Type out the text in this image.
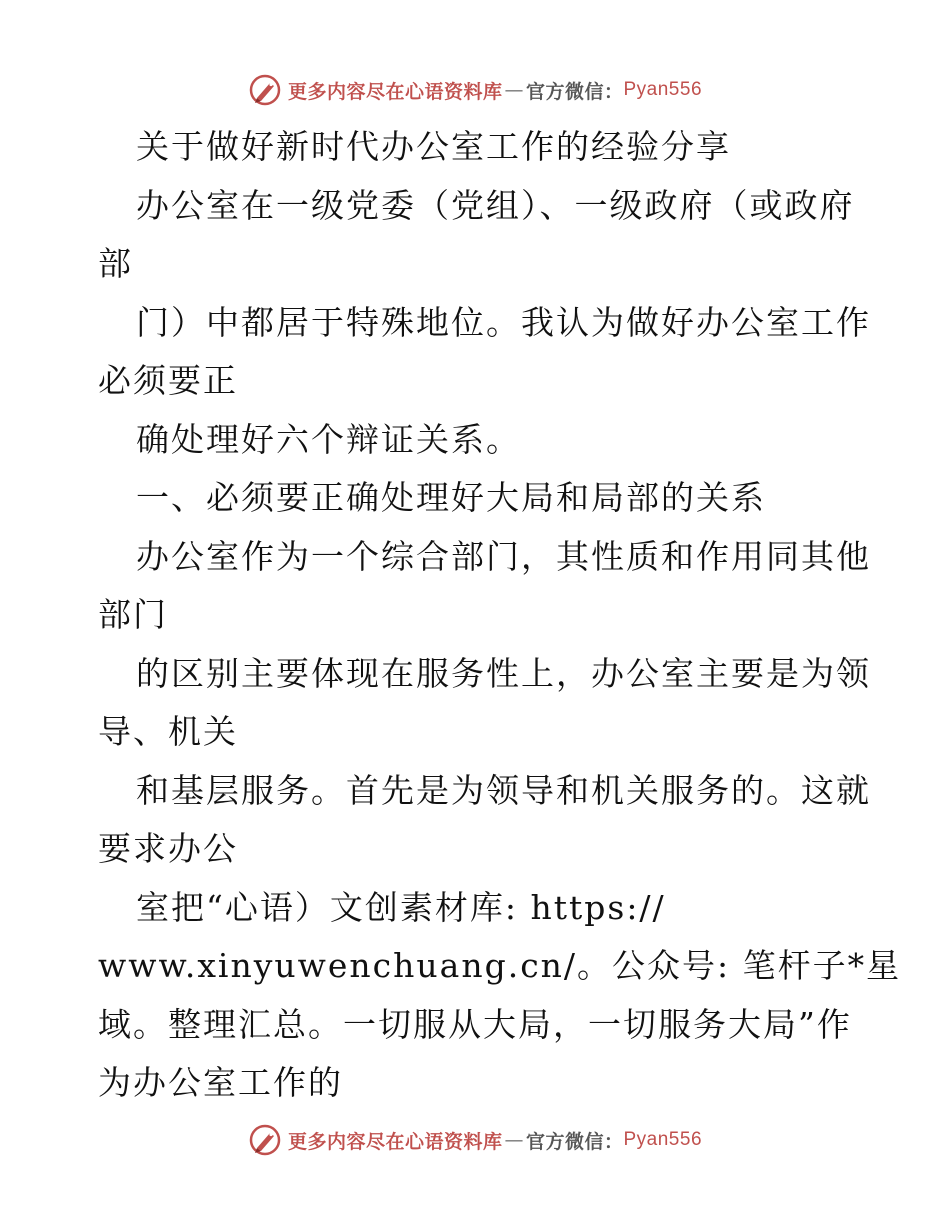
更多内容尽在心语资料库 — 官方微信： Pyan556
关于做好新时代办公室工作的经验分享
办公室在一级党委（党组）、一级政府（或政府
部
门）中都居于特殊地位。我认为做好办公室工作
必须要正
确处理好六个辩证关系。
一、必须要正确处理好大局和局部的关系
办公室作为一个综合部门，其性质和作用同其他
部门
的区别主要体现在服务性上，办公室主要是为领
导、机关
和基层服务。首先是为领导和机关服务的。这就
要求办公
室把“心语）文创素材库: https://
www.xinyuwenchuang.cn/。公众号: 笔杆子*星
域。整理汇总。一切服从大局，一切服务大局”作
为办公室工作的
更多内容尽在心语资料库 — 官方微信： Pyan556
